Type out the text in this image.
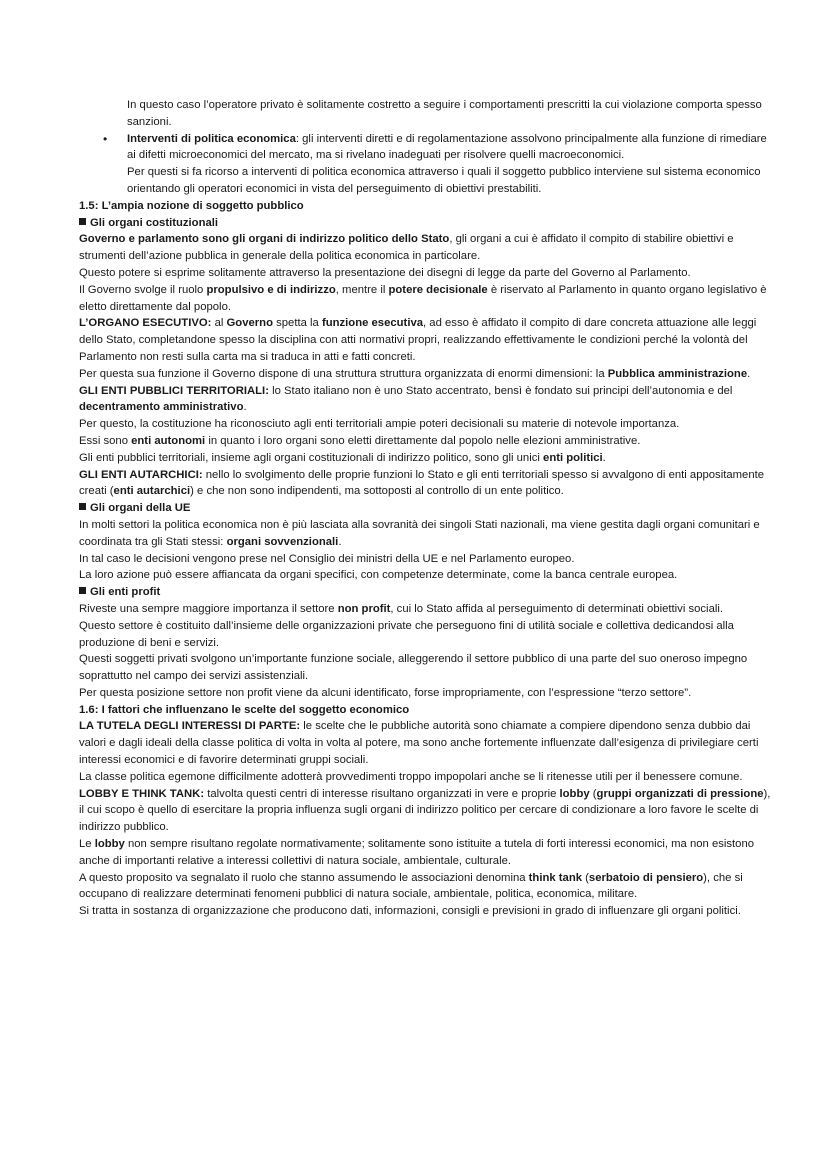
In questo caso l’operatore privato è solitamente costretto a seguire i comportamenti prescritti la cui violazione comporta spesso sanzioni.

• Interventi di politica economica: gli interventi diretti e di regolamentazione assolvono principalmente alla funzione di rimediare ai difetti microeconomici del mercato, ma si rivelano inadeguati per risolvere quelli macroeconomici.

Per questi si fa ricorso a interventi di politica economica attraverso i quali il soggetto pubblico interviene sul sistema economico orientando gli operatori economici in vista del perseguimento di obiettivi prestabiliti.

1.5: L’ampia nozione di soggetto pubblico

Gli organi costituzionali

Governo e parlamento sono gli organi di indirizzo politico dello Stato, gli organi a cui è affidato il compito di stabilire obiettivi e strumenti dell’azione pubblica in generale della politica economica in particolare.

Questo potere si esprime solitamente attraverso la presentazione dei disegni di legge da parte del Governo al Parlamento.

Il Governo svolge il ruolo propulsivo e di indirizzo, mentre il potere decisionale è riservato al Parlamento in quanto organo legislativo è eletto direttamente dal popolo.

L’ORGANO ESECUTIVO: al Governo spetta la funzione esecutiva, ad esso è affidato il compito di dare concreta attuazione alle leggi dello Stato, completandone spesso la disciplina con atti normativi propri, realizzando effettivamente le condizioni perché la volontà del Parlamento non resti sulla carta ma si traduca in atti e fatti concreti.

Per questa sua funzione il Governo dispone di una struttura struttura organizzata di enormi dimensioni: la Pubblica amministrazione.

GLI ENTI PUBBLICI TERRITORIALI: lo Stato italiano non è uno Stato accentrato, bensì è fondato sui principi dell’autonomia e del decentramento amministrativo.

Per questo, la costituzione ha riconosciuto agli enti territoriali ampie poteri decisionali su materie di notevole importanza.

Essi sono enti autonomi in quanto i loro organi sono eletti direttamente dal popolo nelle elezioni amministrative.

Gli enti pubblici territoriali, insieme agli organi costituzionali di indirizzo politico, sono gli unici enti politici.

GLI ENTI AUTARCHICI: nello lo svolgimento delle proprie funzioni lo Stato e gli enti territoriali spesso si avvalgono di enti appositamente creati (enti autarchici) e che non sono indipendenti, ma sottoposti al controllo di un ente politico.

Gli organi della UE

In molti settori la politica economica non è più lasciata alla sovranità dei singoli Stati nazionali, ma viene gestita dagli organi comunitari e coordinata tra gli Stati stessi: organi sovvenzionali.

In tal caso le decisioni vengono prese nel Consiglio dei ministri della UE e nel Parlamento europeo.

La loro azione può essere affiancata da organi specifici, con competenze determinate, come la banca centrale europea.

Gli enti profit

Riveste una sempre maggiore importanza il settore non profit, cui lo Stato affida al perseguimento di determinati obiettivi sociali.

Questo settore è costituito dall’insieme delle organizzazioni private che perseguono fini di utilità sociale e collettiva dedicandosi alla produzione di beni e servizi.

Questi soggetti privati svolgono un’importante funzione sociale, alleggerendo il settore pubblico di una parte del suo oneroso impegno soprattutto nel campo dei servizi assistenziali.

Per questa posizione settore non profit viene da alcuni identificato, forse impropriamente, con l’espressione “terzo settore”.

1.6: I fattori che influenzano le scelte del soggetto economico

LA TUTELA DEGLI INTERESSI DI PARTE: le scelte che le pubbliche autorità sono chiamate a compiere dipendono senza dubbio dai valori e dagli ideali della classe politica di volta in volta al potere, ma sono anche fortemente influenzate dall’esigenza di privilegiare certi interessi economici e di favorire determinati gruppi sociali.

La classe politica egemone difficilmente adotterà provvedimenti troppo impopolari anche se li ritenesse utili per il benessere comune.

LOBBY E THINK TANK: talvolta questi centri di interesse risultano organizzati in vere e proprie lobby (gruppi organizzati di pressione), il cui scopo è quello di esercitare la propria influenza sugli organi di indirizzo politico per cercare di condizionare a loro favore le scelte di indirizzo pubblico.

Le lobby non sempre risultano regolate normativamente; solitamente sono istituite a tutela di forti interessi economici, ma non esistono anche di importanti relative a interessi collettivi di natura sociale, ambientale, culturale.

A questo proposito va segnalato il ruolo che stanno assumendo le associazioni denomina think tank (serbatoio di pensiero), che si occupano di realizzare determinati fenomeni pubblici di natura sociale, ambientale, politica, economica, militare.

Si tratta in sostanza di organizzazione che producono dati, informazioni, consigli e previsioni in grado di influenzare gli organi politici.
